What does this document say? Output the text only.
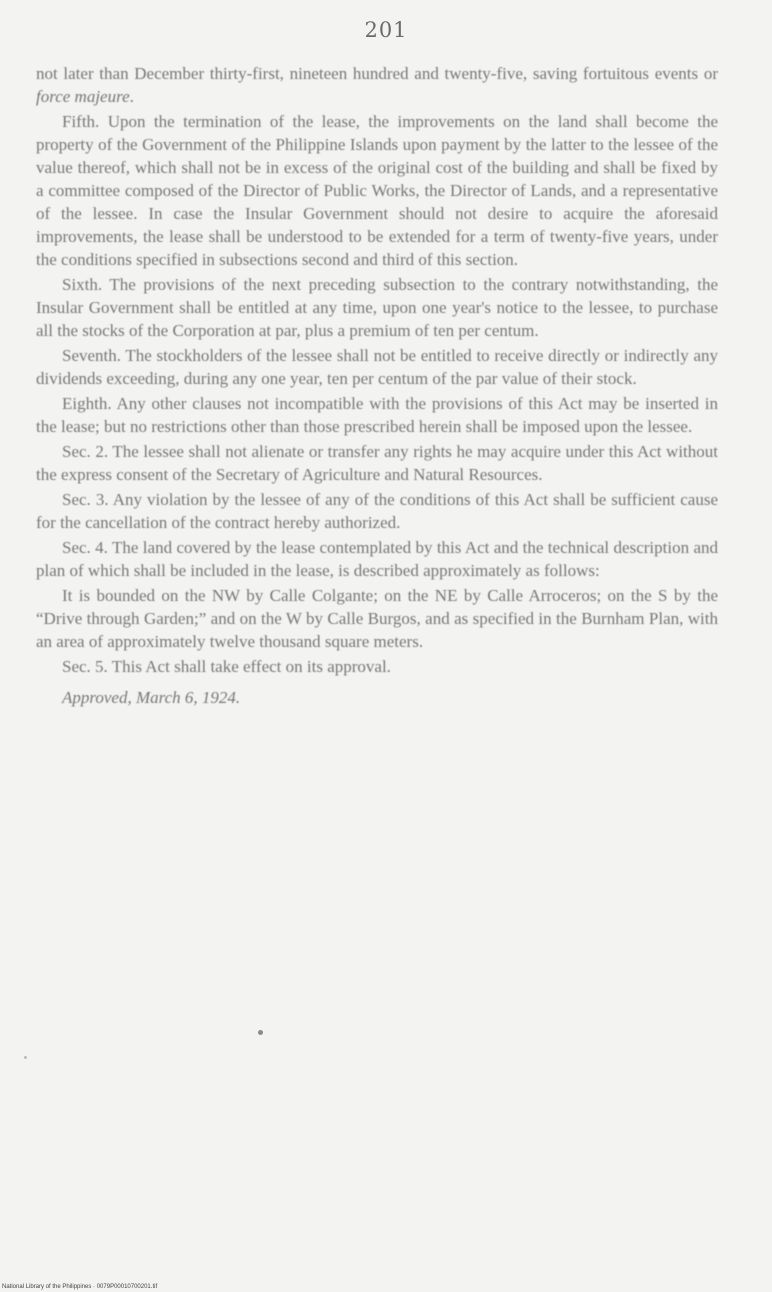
201

not later than December thirty-first, nineteen hundred and twenty-five, saving fortuitous events or force majeure.

Fifth. Upon the termination of the lease, the improvements on the land shall become the property of the Government of the Philippine Islands upon payment by the latter to the lessee of the value thereof, which shall not be in excess of the original cost of the building and shall be fixed by a committee composed of the Director of Public Works, the Director of Lands, and a representative of the lessee. In case the Insular Government should not desire to acquire the aforesaid improvements, the lease shall be understood to be extended for a term of twenty-five years, under the conditions specified in subsections second and third of this section.

Sixth. The provisions of the next preceding subsection to the contrary notwithstanding, the Insular Government shall be entitled at any time, upon one year's notice to the lessee, to purchase all the stocks of the Corporation at par, plus a premium of ten per centum.

Seventh. The stockholders of the lessee shall not be entitled to receive directly or indirectly any dividends exceeding, during any one year, ten per centum of the par value of their stock.

Eighth. Any other clauses not incompatible with the provisions of this Act may be inserted in the lease; but no restrictions other than those prescribed herein shall be imposed upon the lessee.

Sec. 2. The lessee shall not alienate or transfer any rights he may acquire under this Act without the express consent of the Secretary of Agriculture and Natural Resources.

Sec. 3. Any violation by the lessee of any of the conditions of this Act shall be sufficient cause for the cancellation of the contract hereby authorized.

Sec. 4. The land covered by the lease contemplated by this Act and the technical description and plan of which shall be included in the lease, is described approximately as follows:

It is bounded on the NW by Calle Colgante; on the NE by Calle Arroceros; on the S by the “Drive through Garden;” and on the W by Calle Burgos, and as specified in the Burnham Plan, with an area of approximately twelve thousand square meters.

Sec. 5. This Act shall take effect on its approval.

Approved, March 6, 1924.

National Library of the Philippines · 0079P00010700201.tif
